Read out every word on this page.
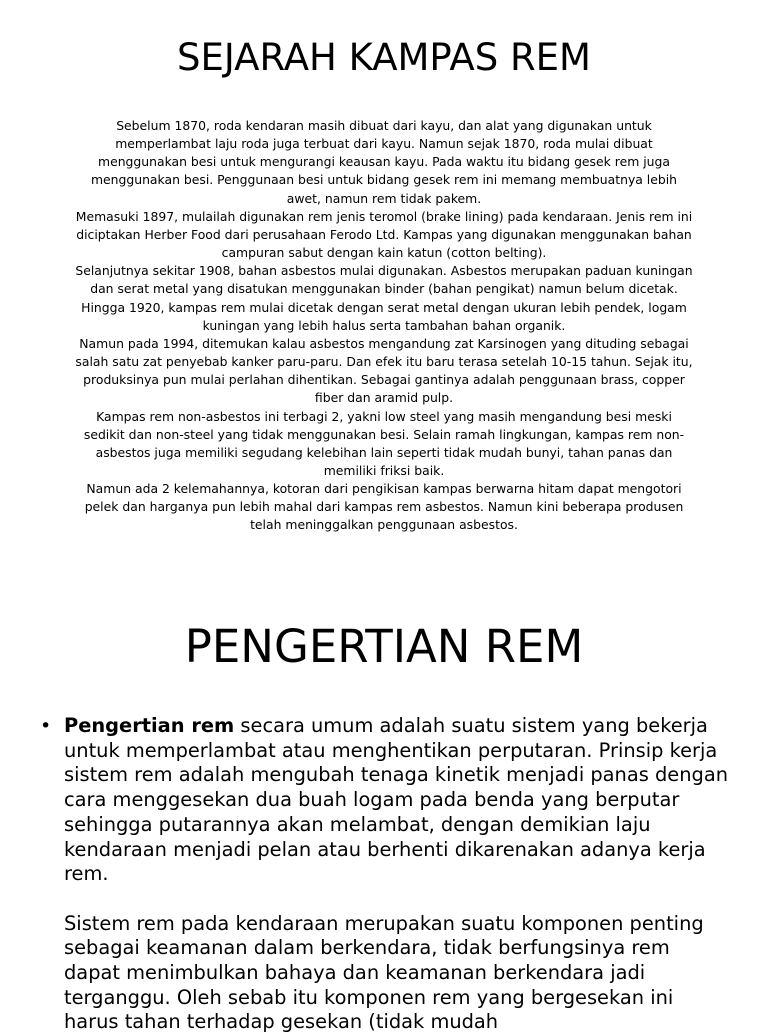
SEJARAH KAMPAS REM

Sebelum 1870, roda kendaran masih dibuat dari kayu, dan alat yang digunakan untuk memperlambat laju roda juga terbuat dari kayu. Namun sejak 1870, roda mulai dibuat menggunakan besi untuk mengurangi keausan kayu. Pada waktu itu bidang gesek rem juga menggunakan besi. Penggunaan besi untuk bidang gesek rem ini memang membuatnya lebih awet, namun rem tidak pakem.

Memasuki 1897, mulailah digunakan rem jenis teromol (brake lining) pada kendaraan. Jenis rem ini diciptakan Herber Food dari perusahaan Ferodo Ltd. Kampas yang digunakan menggunakan bahan campuran sabut dengan kain katun (cotton belting).

Selanjutnya sekitar 1908, bahan asbestos mulai digunakan. Asbestos merupakan paduan kuningan dan serat metal yang disatukan menggunakan binder (bahan pengikat) namun belum dicetak. Hingga 1920, kampas rem mulai dicetak dengan serat metal dengan ukuran lebih pendek, logam kuningan yang lebih halus serta tambahan bahan organik.

Namun pada 1994, ditemukan kalau asbestos mengandung zat Karsinogen yang dituding sebagai salah satu zat penyebab kanker paru-paru. Dan efek itu baru terasa setelah 10-15 tahun. Sejak itu, produksinya pun mulai perlahan dihentikan. Sebagai gantinya adalah penggunaan brass, copper fiber dan aramid pulp.

Kampas rem non-asbestos ini terbagi 2, yakni low steel yang masih mengandung besi meski sedikit dan non-steel yang tidak menggunakan besi. Selain ramah lingkungan, kampas rem non-asbestos juga memiliki segudang kelebihan lain seperti tidak mudah bunyi, tahan panas dan memiliki friksi baik.

Namun ada 2 kelemahannya, kotoran dari pengikisan kampas berwarna hitam dapat mengotori pelek dan harganya pun lebih mahal dari kampas rem asbestos. Namun kini beberapa produsen telah meninggalkan penggunaan asbestos.

PENGERTIAN REM
• Pengertian rem secara umum adalah suatu sistem yang bekerja untuk memperlambat atau menghentikan perputaran. Prinsip kerja sistem rem adalah mengubah tenaga kinetik menjadi panas dengan cara menggesekan dua buah logam pada benda yang berputar sehingga putarannya akan melambat, dengan demikian laju kendaraan menjadi pelan atau berhenti dikarenakan adanya kerja rem.

Sistem rem pada kendaraan merupakan suatu komponen penting sebagai keamanan dalam berkendara, tidak berfungsinya rem dapat menimbulkan bahaya dan keamanan berkendara jadi terganggu. Oleh sebab itu komponen rem yang bergesekan ini harus tahan terhadap gesekan (tidak mudah
